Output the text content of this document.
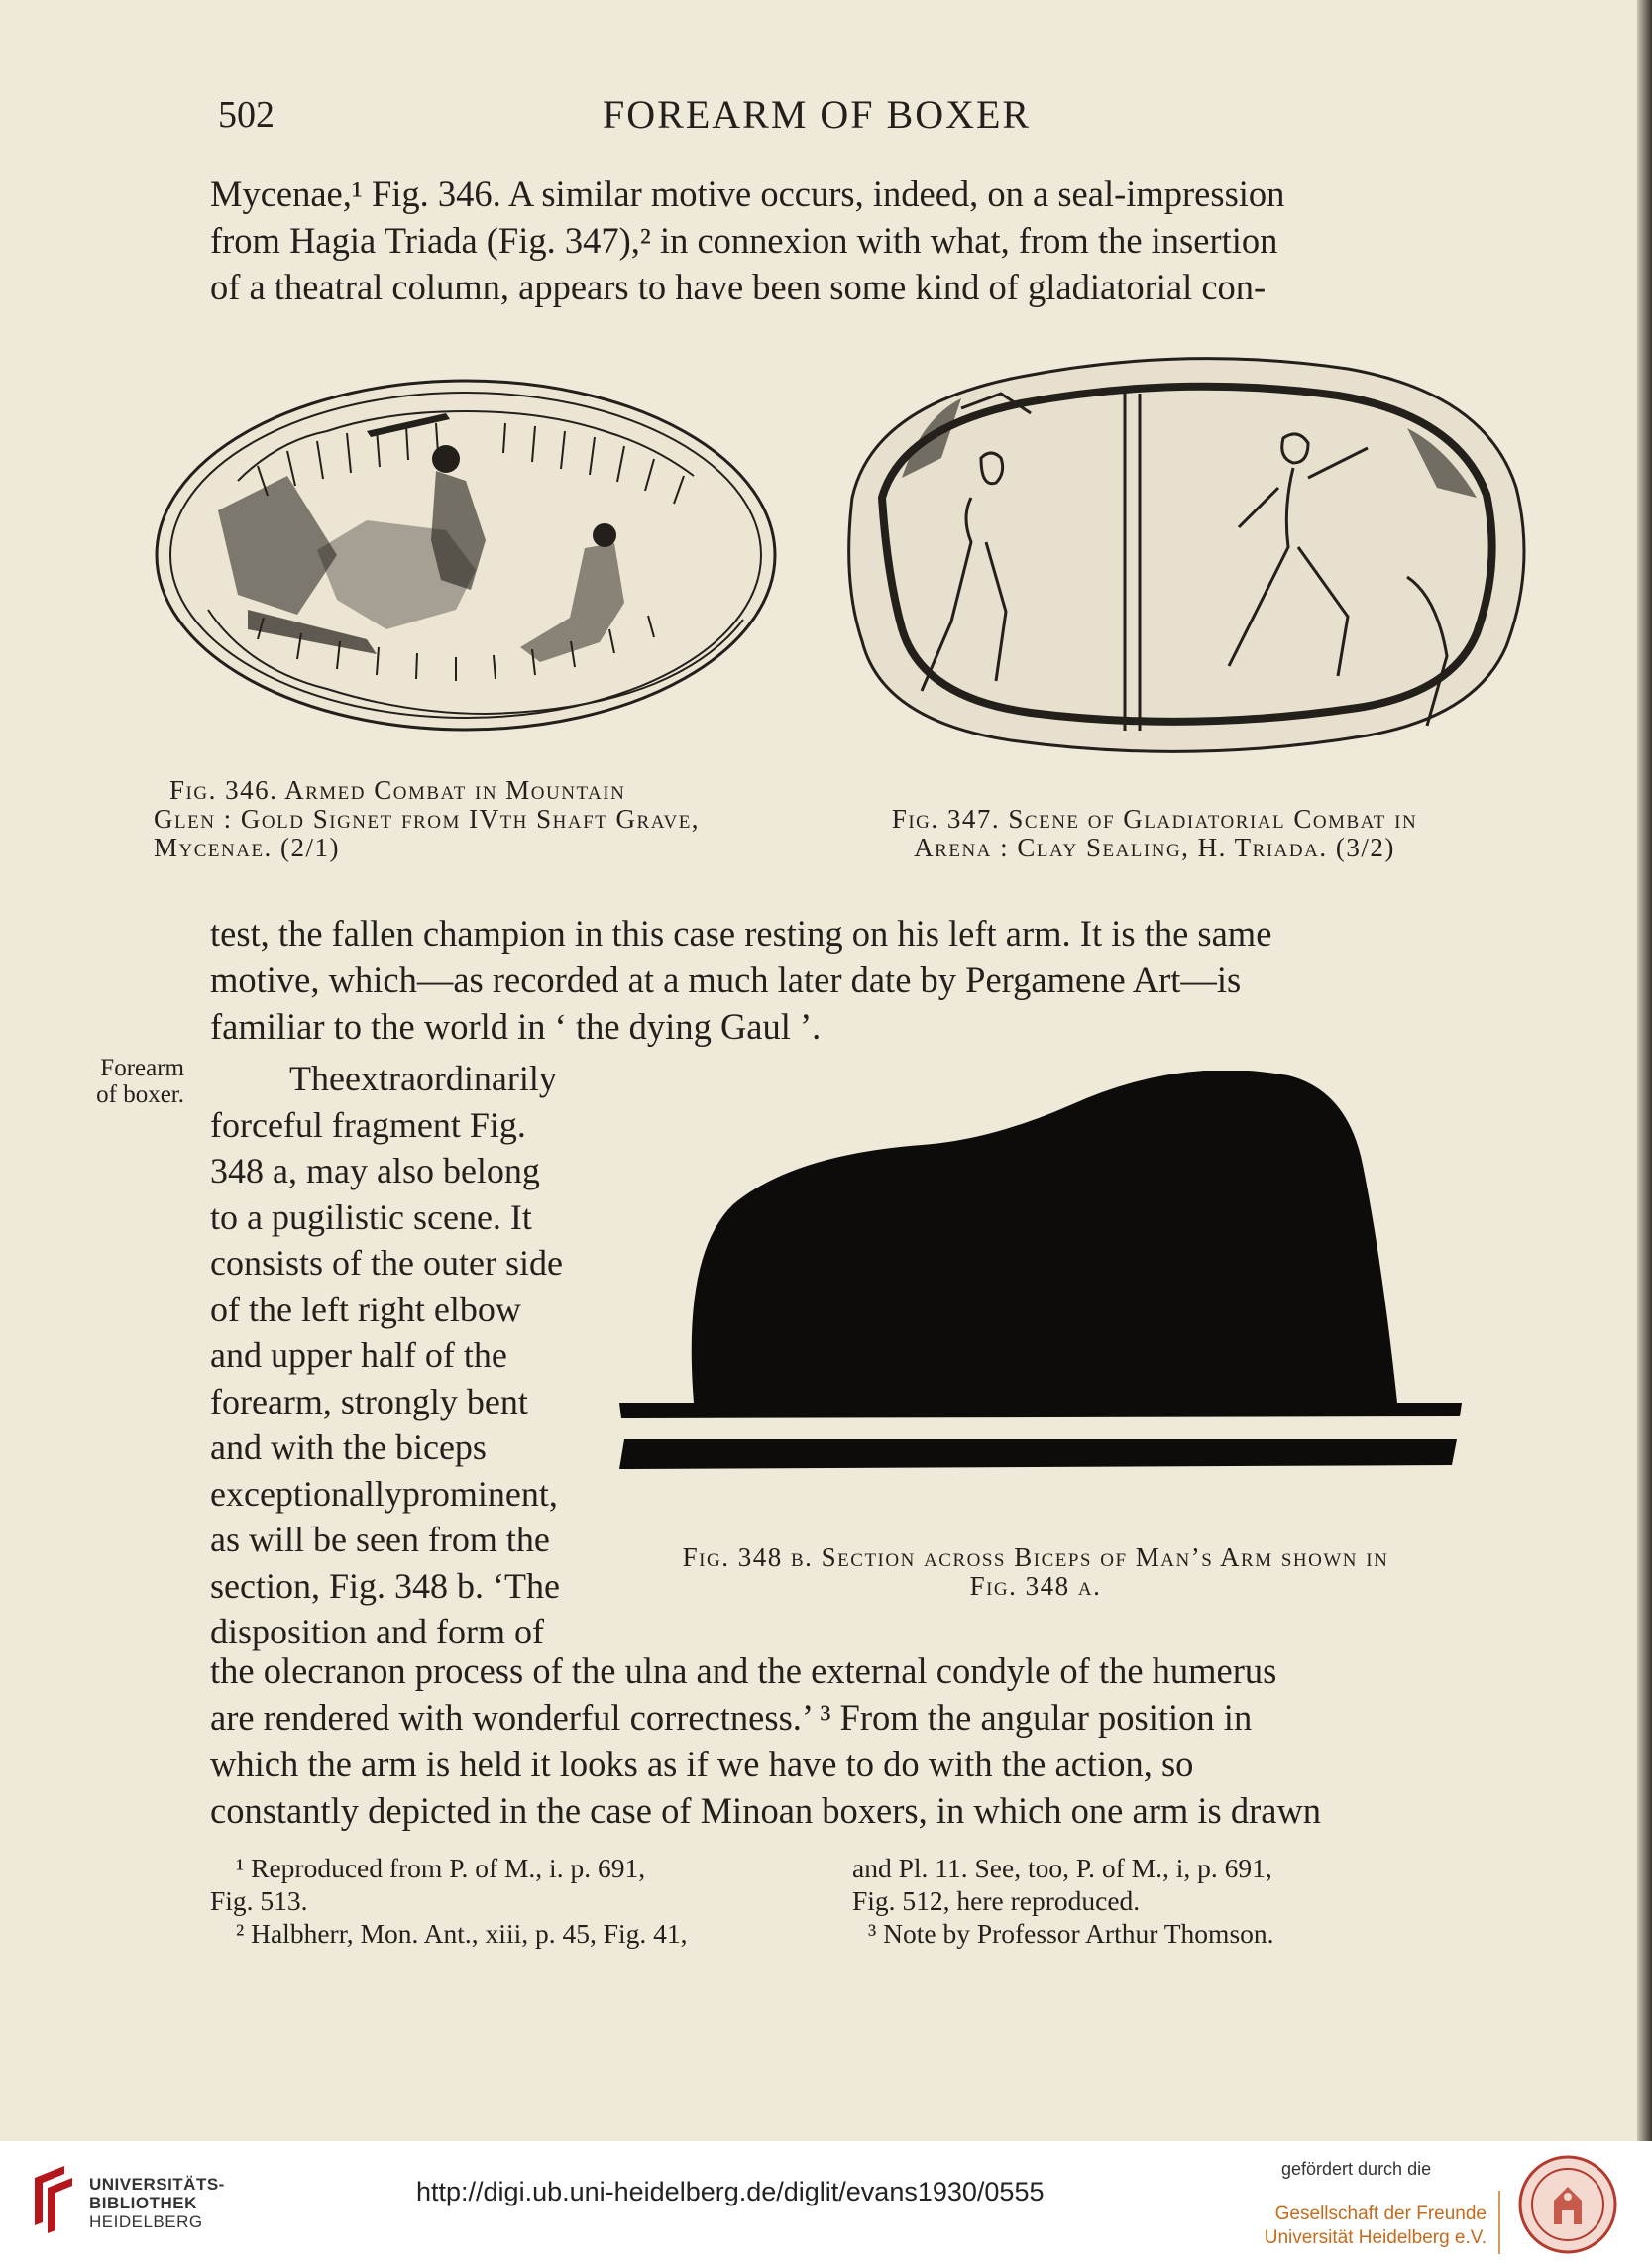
502	FOREARM OF BOXER

Mycenae,¹ Fig. 346. A similar motive occurs, indeed, on a seal-impression

from Hagia Triada (Fig. 347),² in connexion with what, from the insertion

of a theatral column, appears to have been some kind of gladiatorial con-

Fig. 346. Armed Combat in Mountain
Glen : Gold Signet from IVth Shaft Grave,
Mycenae. (2/1)
Fig. 347. Scene of Gladiatorial Combat in
Arena : Clay Sealing, H. Triada. (3/2)

test, the fallen champion in this case resting on his left arm. It is the same

motive, which—as recorded at a much later date by Pergamene Art—is

familiar to the world in ‘ the dying Gaul ’.

Forearm
of boxer.	Theextraordinarily
forceful fragment Fig.
348 a, may also belong
to a pugilistic scene. It
consists of the outer side
of the left right elbow
and upper half of the
forearm, strongly bent
and with the biceps
exceptionallyprominent,
as will be seen from the
section, Fig. 348 b. ‘The
disposition and form of
Fig. 348 b. Section across Biceps of Man’s Arm shown in
Fig. 348 a.

the olecranon process of the ulna and the external condyle of the humerus

are rendered with wonderful correctness.’ ³ From the angular position in

which the arm is held it looks as if we have to do with the action, so

constantly depicted in the case of Minoan boxers, in which one arm is drawn

¹ Reproduced from P. of M., i. p. 691,
Fig. 513.
² Halbherr, Mon. Ant., xiii, p. 45, Fig. 41,
and Pl. 11. See, too, P. of M., i, p. 691,
Fig. 512, here reproduced.
³ Note by Professor Arthur Thomson.
UNIVERSITÄTS-
BIBLIOTHEK
HEIDELBERG
http://digi.ub.uni-heidelberg.de/diglit/evans1930/0555
gefördert durch die
Gesellschaft der Freunde
Universität Heidelberg e.V.
